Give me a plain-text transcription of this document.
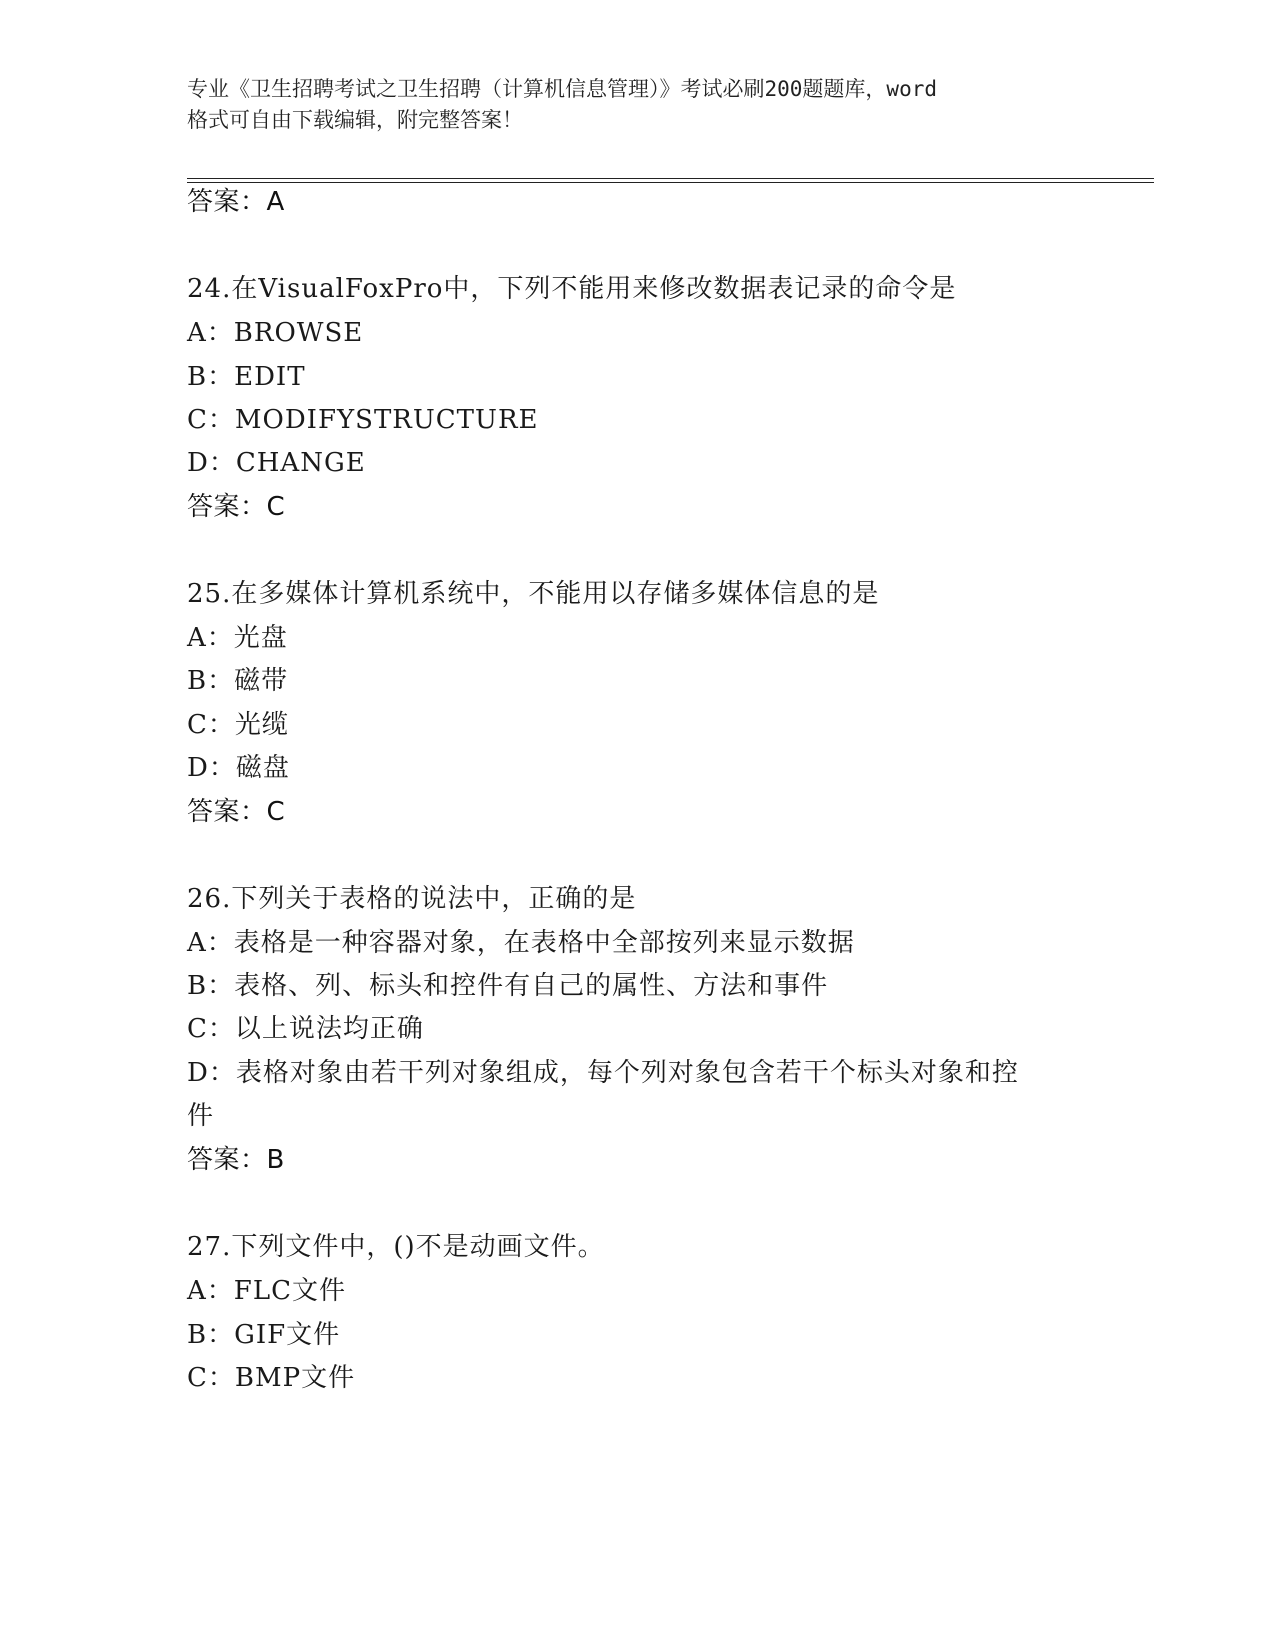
专业《卫生招聘考试之卫生招聘（计算机信息管理）》考试必刷200题题库，word
格式可自由下载编辑，附完整答案！
答案：A
24.在VisualFoxPro中，下列不能用来修改数据表记录的命令是
A：BROWSE
B：EDIT
C：MODIFYSTRUCTURE
D：CHANGE
答案：C
25.在多媒体计算机系统中，不能用以存储多媒体信息的是
A：光盘
B：磁带
C：光缆
D：磁盘
答案：C
26.下列关于表格的说法中，正确的是
A：表格是一种容器对象，在表格中全部按列来显示数据
B：表格、列、标头和控件有自己的属性、方法和事件
C：以上说法均正确
D：表格对象由若干列对象组成，每个列对象包含若干个标头对象和控
件
答案：B
27.下列文件中，()不是动画文件。
A：FLC文件
B：GIF文件
C：BMP文件
